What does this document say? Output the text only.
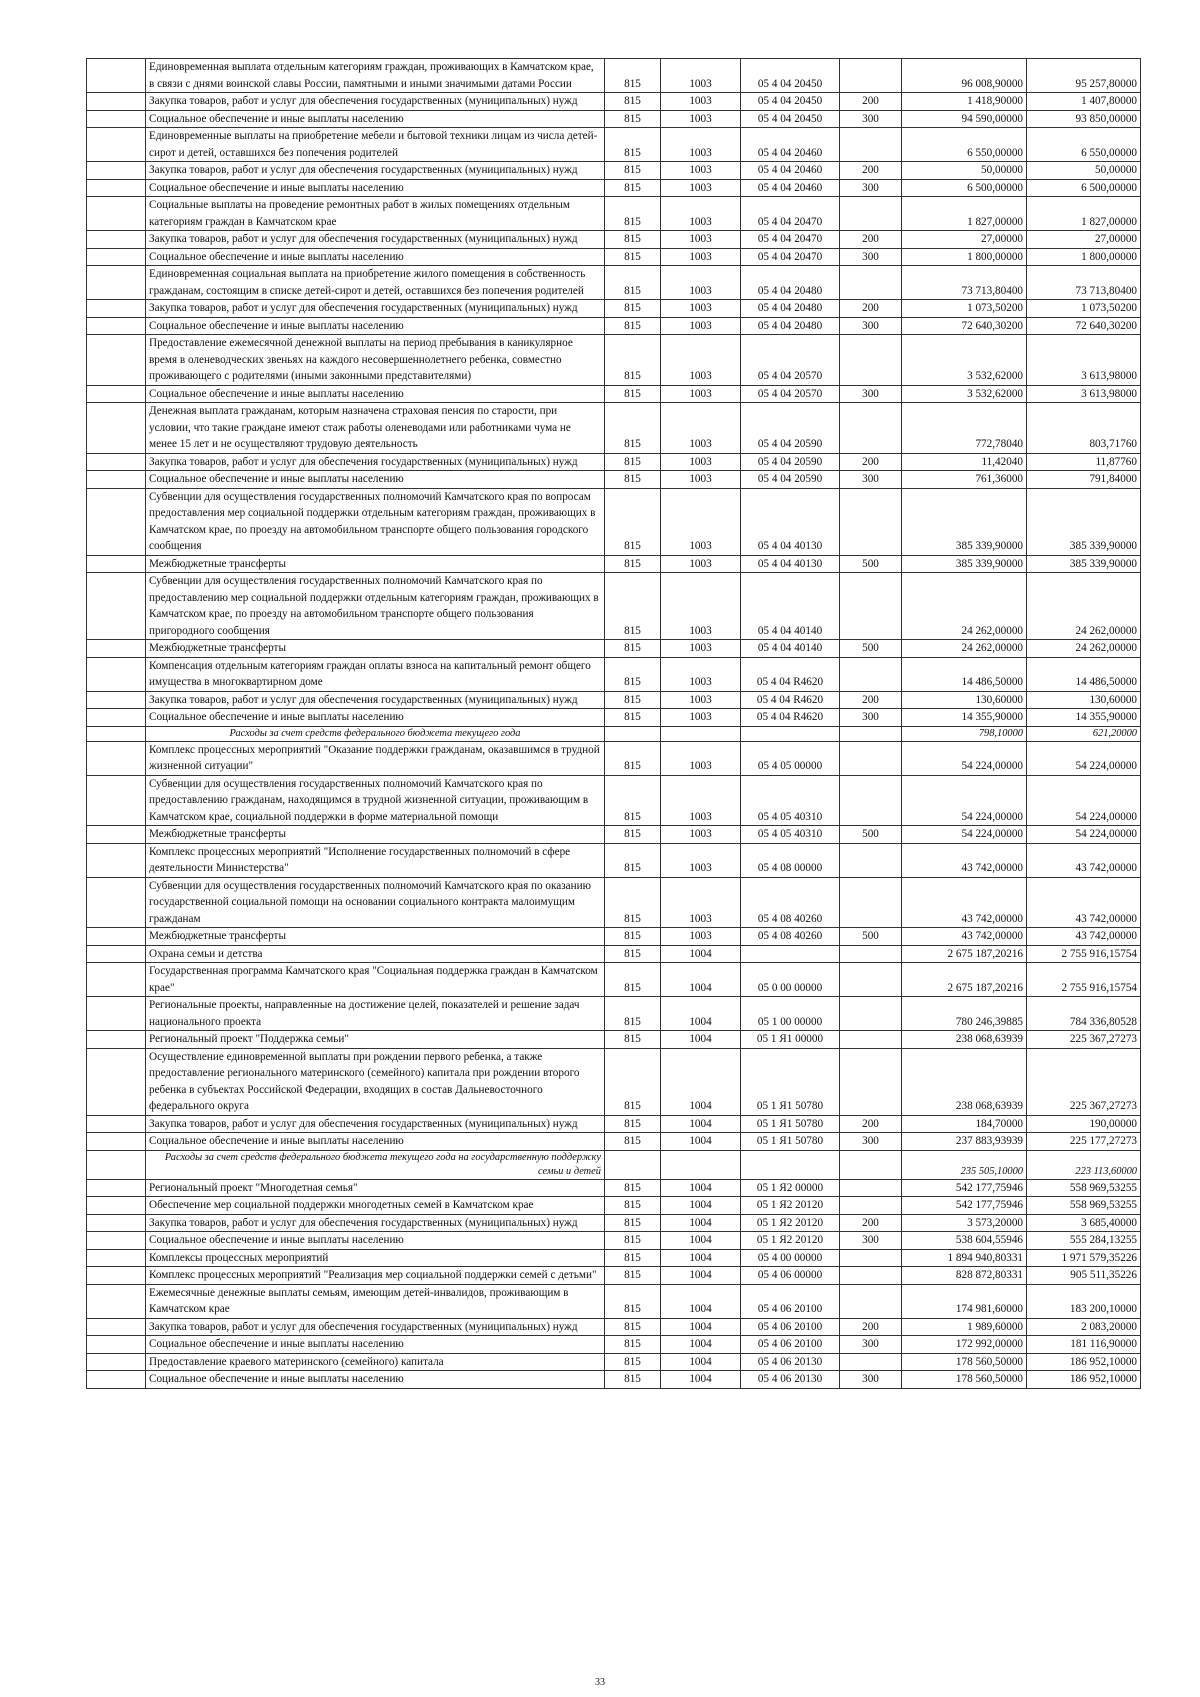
	Единовременная выплата отдельным категориям граждан, проживающих в Камчатском крае, в связи с днями воинской славы России, памятными и иными значимыми датами России	815	1003	05 4 04 20450		96 008,90000	95 257,80000
	Закупка товаров, работ и услуг для обеспечения государственных (муниципальных) нужд	815	1003	05 4 04 20450	200	1 418,90000	1 407,80000
	Социальное обеспечение и иные выплаты населению	815	1003	05 4 04 20450	300	94 590,00000	93 850,00000
	Единовременные выплаты на приобретение мебели и бытовой техники лицам из числа детей-сирот и детей, оставшихся без попечения родителей	815	1003	05 4 04 20460		6 550,00000	6 550,00000
	Закупка товаров, работ и услуг для обеспечения государственных (муниципальных) нужд	815	1003	05 4 04 20460	200	50,00000	50,00000
	Социальное обеспечение и иные выплаты населению	815	1003	05 4 04 20460	300	6 500,00000	6 500,00000
	Социальные выплаты на проведение ремонтных работ в жилых помещениях отдельным категориям граждан в Камчатском крае	815	1003	05 4 04 20470		1 827,00000	1 827,00000
	Закупка товаров, работ и услуг для обеспечения государственных (муниципальных) нужд	815	1003	05 4 04 20470	200	27,00000	27,00000
	Социальное обеспечение и иные выплаты населению	815	1003	05 4 04 20470	300	1 800,00000	1 800,00000
	Единовременная социальная выплата на приобретение жилого помещения в собственность гражданам, состоящим в списке детей-сирот и детей, оставшихся без попечения родителей	815	1003	05 4 04 20480		73 713,80400	73 713,80400
	Закупка товаров, работ и услуг для обеспечения государственных (муниципальных) нужд	815	1003	05 4 04 20480	200	1 073,50200	1 073,50200
	Социальное обеспечение и иные выплаты населению	815	1003	05 4 04 20480	300	72 640,30200	72 640,30200
	Предоставление ежемесячной денежной выплаты на период пребывания в каникулярное время в оленеводческих звеньях на каждого несовершеннолетнего ребенка, совместно проживающего с родителями (иными законными представителями)	815	1003	05 4 04 20570		3 532,62000	3 613,98000
	Социальное обеспечение и иные выплаты населению	815	1003	05 4 04 20570	300	3 532,62000	3 613,98000
	Денежная выплата гражданам, которым назначена страховая пенсия по старости, при условии, что такие граждане имеют стаж работы оленеводами или работниками чума не менее 15 лет и не осуществляют трудовую деятельность	815	1003	05 4 04 20590		772,78040	803,71760
	Закупка товаров, работ и услуг для обеспечения государственных (муниципальных) нужд	815	1003	05 4 04 20590	200	11,42040	11,87760
	Социальное обеспечение и иные выплаты населению	815	1003	05 4 04 20590	300	761,36000	791,84000
	Субвенции для осуществления государственных полномочий Камчатского края по вопросам предоставления мер социальной поддержки отдельным категориям граждан, проживающих в Камчатском крае, по проезду на автомобильном транспорте общего пользования городского сообщения	815	1003	05 4 04 40130		385 339,90000	385 339,90000
	Межбюджетные трансферты	815	1003	05 4 04 40130	500	385 339,90000	385 339,90000
	Субвенции для осуществления государственных полномочий Камчатского края по предоставлению мер социальной поддержки отдельным категориям граждан, проживающих в Камчатском крае, по проезду на автомобильном транспорте общего пользования пригородного сообщения	815	1003	05 4 04 40140		24 262,00000	24 262,00000
	Межбюджетные трансферты	815	1003	05 4 04 40140	500	24 262,00000	24 262,00000
	Компенсация отдельным категориям граждан оплаты взноса на капитальный ремонт общего имущества в многоквартирном доме	815	1003	05 4 04 R4620		14 486,50000	14 486,50000
	Закупка товаров, работ и услуг для обеспечения государственных (муниципальных) нужд	815	1003	05 4 04 R4620	200	130,60000	130,60000
	Социальное обеспечение и иные выплаты населению	815	1003	05 4 04 R4620	300	14 355,90000	14 355,90000
	Расходы за счет средств федерального бюджета текущего года					798,10000	621,20000
	Комплекс процессных мероприятий "Оказание поддержки гражданам, оказавшимся в трудной жизненной ситуации"	815	1003	05 4 05 00000		54 224,00000	54 224,00000
	Субвенции для осуществления государственных полномочий Камчатского края по предоставлению гражданам, находящимся в трудной жизненной ситуации, проживающим в Камчатском крае, социальной поддержки в форме материальной помощи	815	1003	05 4 05 40310		54 224,00000	54 224,00000
	Межбюджетные трансферты	815	1003	05 4 05 40310	500	54 224,00000	54 224,00000
	Комплекс процессных мероприятий "Исполнение государственных полномочий в сфере деятельности Министерства"	815	1003	05 4 08 00000		43 742,00000	43 742,00000
	Субвенции для осуществления государственных полномочий Камчатского края по оказанию государственной социальной помощи на основании социального контракта малоимущим гражданам	815	1003	05 4 08 40260		43 742,00000	43 742,00000
	Межбюджетные трансферты	815	1003	05 4 08 40260	500	43 742,00000	43 742,00000
	Охрана семьи и детства	815	1004			2 675 187,20216	2 755 916,15754
	Государственная программа Камчатского края "Социальная поддержка граждан в Камчатском крае"	815	1004	05 0 00 00000		2 675 187,20216	2 755 916,15754
	Региональные проекты, направленные на достижение целей, показателей и решение задач национального проекта	815	1004	05 1 00 00000		780 246,39885	784 336,80528
	Региональный проект "Поддержка семьи"	815	1004	05 1 Я1 00000		238 068,63939	225 367,27273
	Осуществление единовременной выплаты при рождении первого ребенка, а также предоставление регионального материнского (семейного) капитала при рождении второго ребенка в субъектах Российской Федерации, входящих в состав Дальневосточного федерального округа	815	1004	05 1 Я1 50780		238 068,63939	225 367,27273
	Закупка товаров, работ и услуг для обеспечения государственных (муниципальных) нужд	815	1004	05 1 Я1 50780	200	184,70000	190,00000
	Социальное обеспечение и иные выплаты населению	815	1004	05 1 Я1 50780	300	237 883,93939	225 177,27273
	Расходы за счет средств федерального бюджета текущего года на государственную поддержку семьи и детей					235 505,10000	223 113,60000
	Региональный проект "Многодетная семья"	815	1004	05 1 Я2 00000		542 177,75946	558 969,53255
	Обеспечение мер социальной поддержки многодетных семей в Камчатском крае	815	1004	05 1 Я2 20120		542 177,75946	558 969,53255
	Закупка товаров, работ и услуг для обеспечения государственных (муниципальных) нужд	815	1004	05 1 Я2 20120	200	3 573,20000	3 685,40000
	Социальное обеспечение и иные выплаты населению	815	1004	05 1 Я2 20120	300	538 604,55946	555 284,13255
	Комплексы процессных мероприятий	815	1004	05 4 00 00000		1 894 940,80331	1 971 579,35226
	Комплекс процессных мероприятий "Реализация мер социальной поддержки семей с детьми"	815	1004	05 4 06 00000		828 872,80331	905 511,35226
	Ежемесячные денежные выплаты семьям, имеющим детей-инвалидов, проживающим в Камчатском крае	815	1004	05 4 06 20100		174 981,60000	183 200,10000
	Закупка товаров, работ и услуг для обеспечения государственных (муниципальных) нужд	815	1004	05 4 06 20100	200	1 989,60000	2 083,20000
	Социальное обеспечение и иные выплаты населению	815	1004	05 4 06 20100	300	172 992,00000	181 116,90000
	Предоставление краевого материнского (семейного) капитала	815	1004	05 4 06 20130		178 560,50000	186 952,10000
	Социальное обеспечение и иные выплаты населению	815	1004	05 4 06 20130	300	178 560,50000	186 952,10000
33
